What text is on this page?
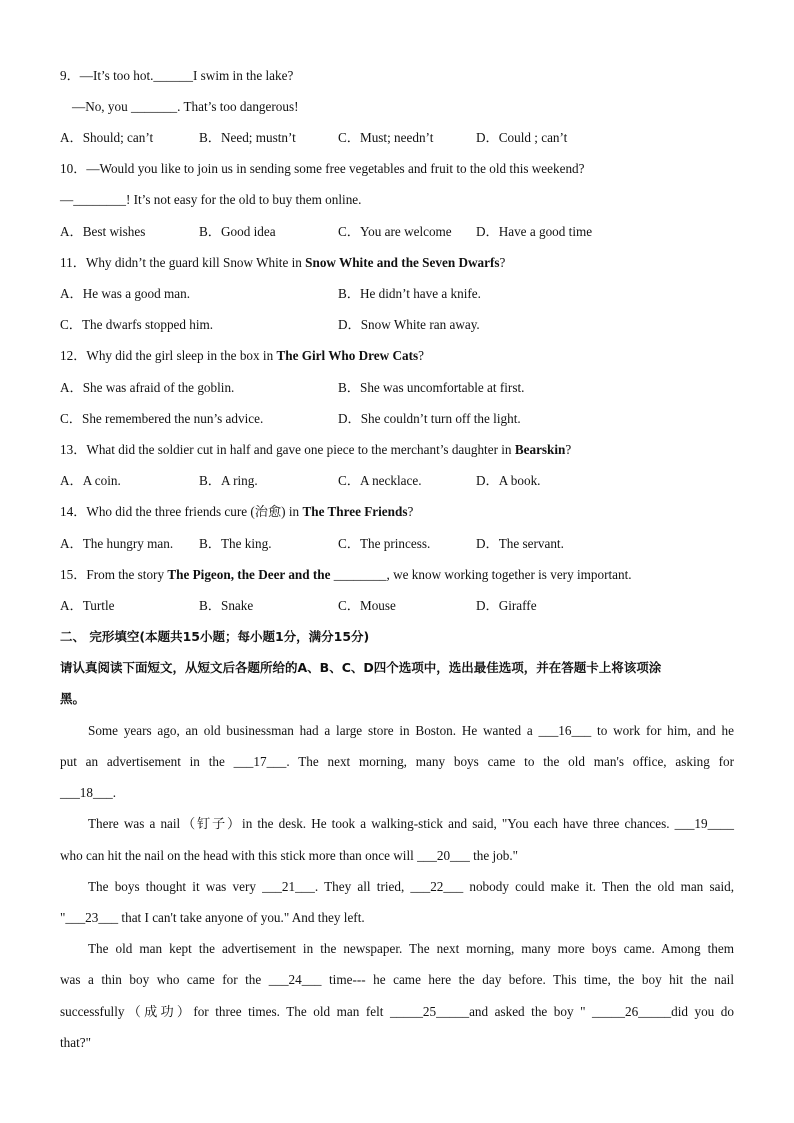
9．—It’s too hot.______I swim in the lake?
—No, you _______. That’s too dangerous!
A．Should; can’t	B．Need; mustn’t	C．Must; needn’t	D．Could ; can’t
10．—Would you like to join us in sending some free vegetables and fruit to the old this weekend?
—________! It’s not easy for the old to buy them online.
A．Best wishes	B．Good idea	C．You are welcome D．Have a good time
11．Why didn’t the guard kill Snow White in Snow White and the Seven Dwarfs?
A．He was a good man.	B．He didn’t have a knife.
C．The dwarfs stopped him.	D．Snow White ran away.
12．Why did the girl sleep in the box in The Girl Who Drew Cats?
A．She was afraid of the goblin.	B．She was uncomfortable at first.
C．She remembered the nun’s advice.	D．She couldn’t turn off the light.
13．What did the soldier cut in half and gave one piece to the merchant’s daughter in Bearskin?
A．A coin.	B．A ring.	C．A necklace.	D．A book.
14．Who did the three friends cure (治愈) in The Three Friends?
A．The hungry man. B．The king.	C．The princess.	D．The servant.
15．From the story The Pigeon, the Deer and the ________, we know working together is very important.
A．Turtle	B．Snake	C．Mouse	D．Giraffe
二、 完形填空(本题共15小题；每小题1分，满分15分)
请认真阅读下面短文，从短文后各题所给的A、B、C、D四个选项中，选出最佳选项，并在答题卡上将该项涂
黑。
Some years ago, an old businessman had a large store in Boston. He wanted a ___16___ to work for him, and he
put an advertisement in the ___17___. The next morning, many boys came to the old man's office, asking for
___18___.
There was a nail（钉子）in the desk. He took a walking-stick and said, "You each have three chances. ___19____
who can hit the nail on the head with this stick more than once will ___20___ the job."
The boys thought it was very ___21___. They all tried, ___22___ nobody could make it. Then the old man said,
"___23___ that I can't take anyone of you." And they left.
The old man kept the advertisement in the newspaper. The next morning, many more boys came. Among them
was a thin boy who came for the ___24___ time--- he came here the day before. This time, the boy hit the nail
successfully（成功）for three times. The old man felt _____25_____and asked the boy " _____26_____did you do
that?"
